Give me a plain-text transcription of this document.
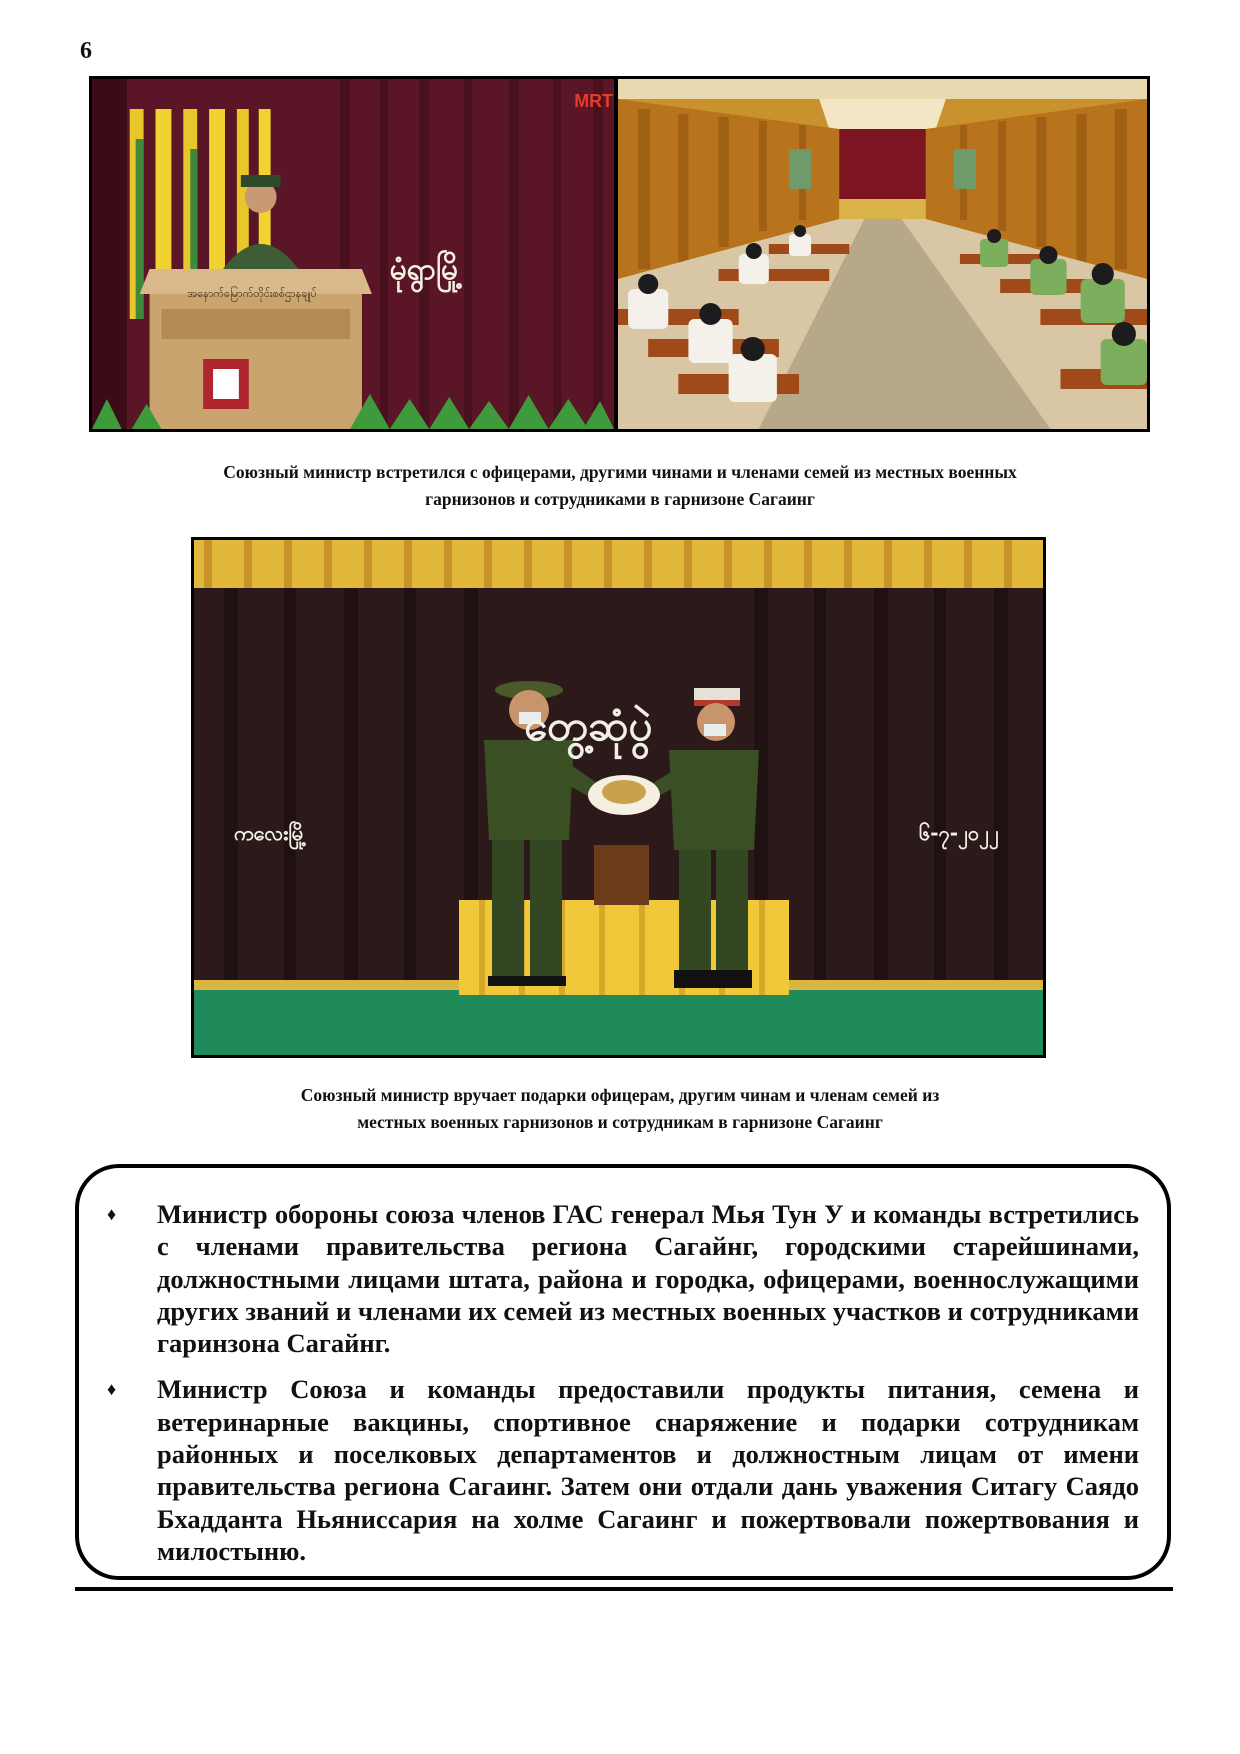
6
အနောက်မြောက်တိုင်းစစ်ဌာနချုပ်
မုံရွာမြို့
MRT
Союзный министр встретился с офицерами, другими чинами и членами семей из местных военных
гарнизонов и сотрудниками в гарнизоне Сагаинг
တွေ့ဆုံပွဲ
ကလေးမြို့	၆-၇-၂၀၂၂
Союзный министр вручает подарки офицерам, другим чинам и членам семей из
местных военных гарнизонов и сотрудникам в гарнизоне Сагаинг
♦	Министр обороны союза членов ГАС генерал Мья Тун У и команды встретились с членами правительства региона Сагайнг, городскими старейшинами, должностными лицами штата, района и городка, офицерами, военнослужащими других званий и членами их семей из местных военных участков и сотрудниками гаринзона Сагайнг.
♦	Министр Союза и команды предоставили продукты питания, семена и ветеринарные вакцины, спортивное снаряжение и подарки сотрудникам районных и поселковых департаментов и должностным лицам от имени правительства региона Сагаинг. Затем они отдали дань уважения Ситагу Саядо Бхадданта Ньяниссария на холме Сагаинг и пожертвовали пожертвования и милостыню.
